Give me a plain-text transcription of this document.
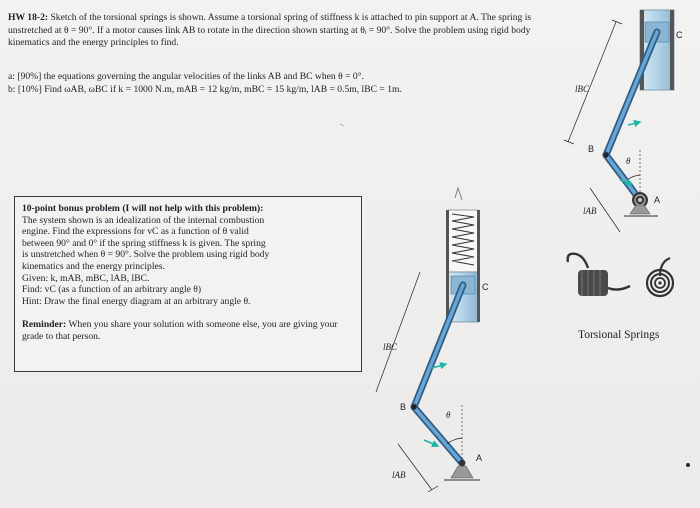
HW 18-2: Sketch of the torsional springs is shown. Assume a torsional spring of stiffness k is attached to pin support at A. The spring is unstretched at θ = 90°. If a motor causes link AB to rotate in the direction shown starting at θᵢ = 90°. Solve the problem using rigid body kinematics and the energy principles to find.
a: [90%] the equations governing the angular velocities of the links AB and BC when θ = 0°.
b: [10%] Find ωAB, ωBC if k = 1000 N.m, mAB = 12 kg/m, mBC = 15 kg/m, lAB = 0.5m, lBC = 1m.
10-point bonus problem (I will not help with this problem):
The system shown is an idealization of the internal combustion
engine. Find the expressions for vC as a function of θ valid
between 90° and 0° if the spring stiffness k is given. The spring
is unstretched when θ = 90°. Solve the problem using rigid body
kinematics and the energy principles.
Given: k, mAB, mBC, lAB, lBC.
Find: vC (as a function of an arbitrary angle θ)
Hint: Draw the final energy diagram at an arbitrary angle θ.
Reminder: When you share your solution with someone else, you are giving your grade to that person.
C
lBC
B
θ
A
lAB
C
lBC
B
θ
A
lAB
Torsional Springs
